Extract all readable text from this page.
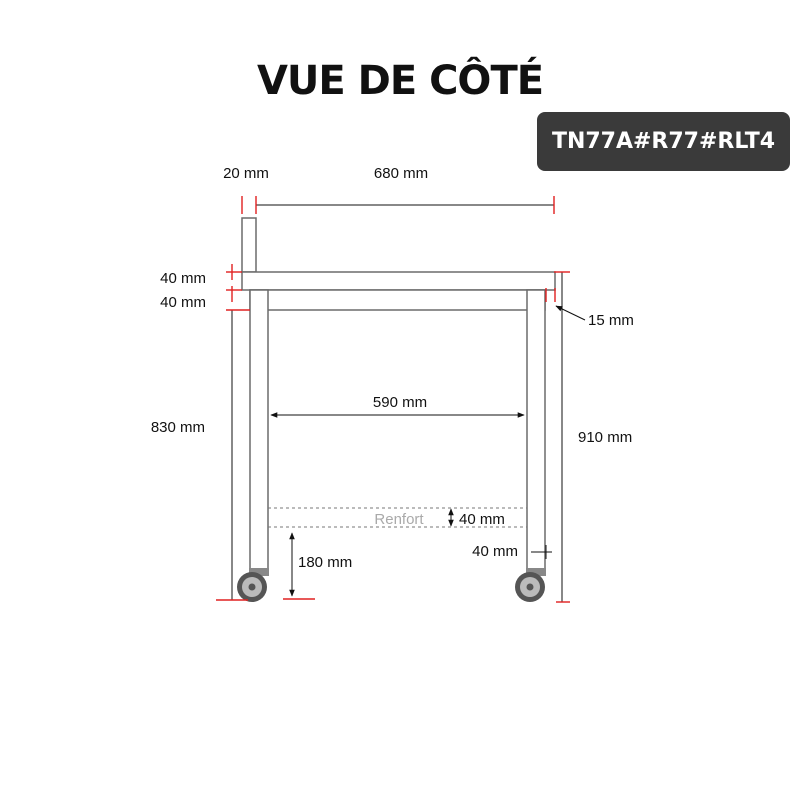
VUE DE CÔTÉ
TN77A#R77#RLT4
Renfort
20 mm	680 mm
40 mm
40 mm
15 mm
590 mm
830 mm
910 mm
40 mm
40 mm
180 mm
